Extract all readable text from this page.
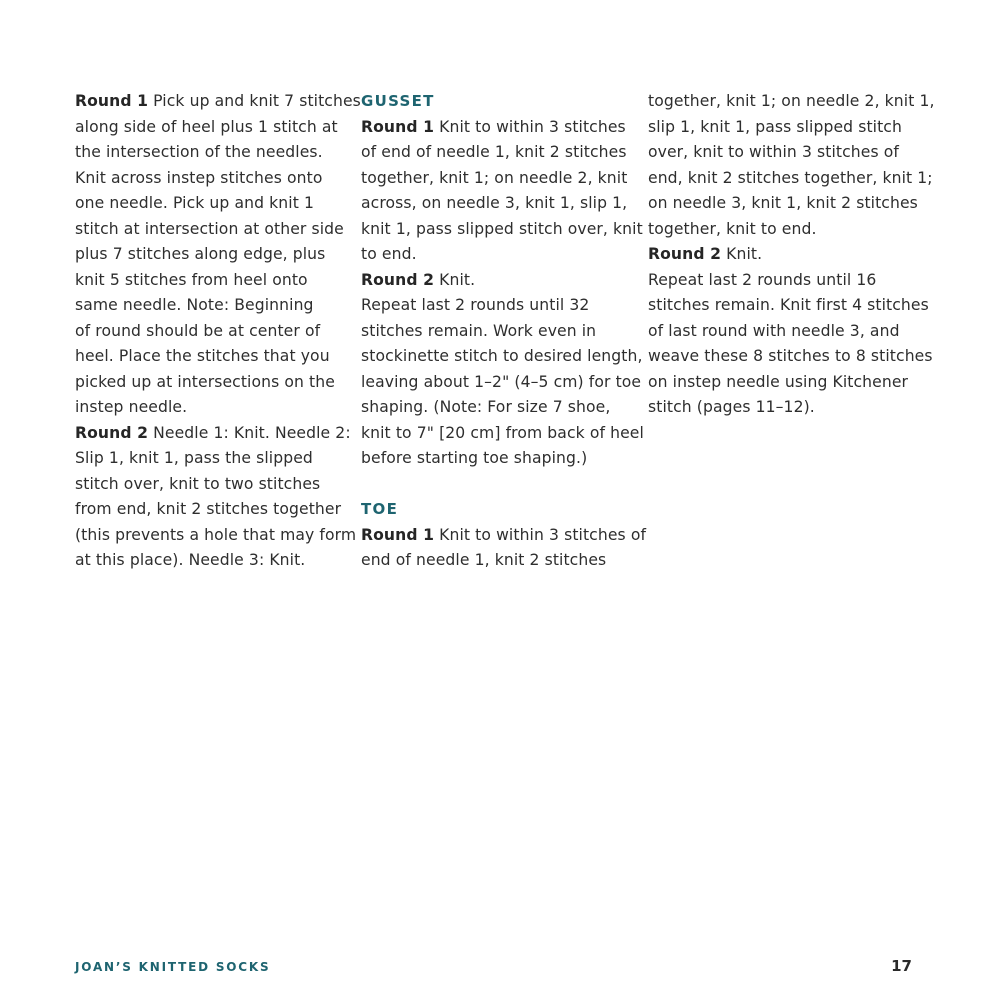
Round 1 Pick up and knit 7 stitches
along side of heel plus 1 stitch at
the intersection of the needles.
Knit across instep stitches onto
one needle. Pick up and knit 1
stitch at intersection at other side
plus 7 stitches along edge, plus
knit 5 stitches from heel onto
same needle. Note: Beginning
of round should be at center of
heel. Place the stitches that you
picked up at intersections on the
instep needle.
Round 2 Needle 1: Knit. Needle 2:
Slip 1, knit 1, pass the slipped
stitch over, knit to two stitches
from end, knit 2 stitches together
(this prevents a hole that may form
at this place). Needle 3: Knit.
GUSSET
Round 1 Knit to within 3 stitches
of end of needle 1, knit 2 stitches
together, knit 1; on needle 2, knit
across, on needle 3, knit 1, slip 1,
knit 1, pass slipped stitch over, knit
to end.
Round 2 Knit.
Repeat last 2 rounds until 32
stitches remain. Work even in
stockinette stitch to desired length,
leaving about 1–2" (4–5 cm) for toe
shaping. (Note: For size 7 shoe,
knit to 7" [20 cm] from back of heel
before starting toe shaping.)
TOE
Round 1 Knit to within 3 stitches of
end of needle 1, knit 2 stitches
together, knit 1; on needle 2, knit 1,
slip 1, knit 1, pass slipped stitch
over, knit to within 3 stitches of
end, knit 2 stitches together, knit 1;
on needle 3, knit 1, knit 2 stitches
together, knit to end.
Round 2 Knit.
Repeat last 2 rounds until 16
stitches remain. Knit first 4 stitches
of last round with needle 3, and
weave these 8 stitches to 8 stitches
on instep needle using Kitchener
stitch (pages 11–12).
JOAN’S KNITTED SOCKS	17
